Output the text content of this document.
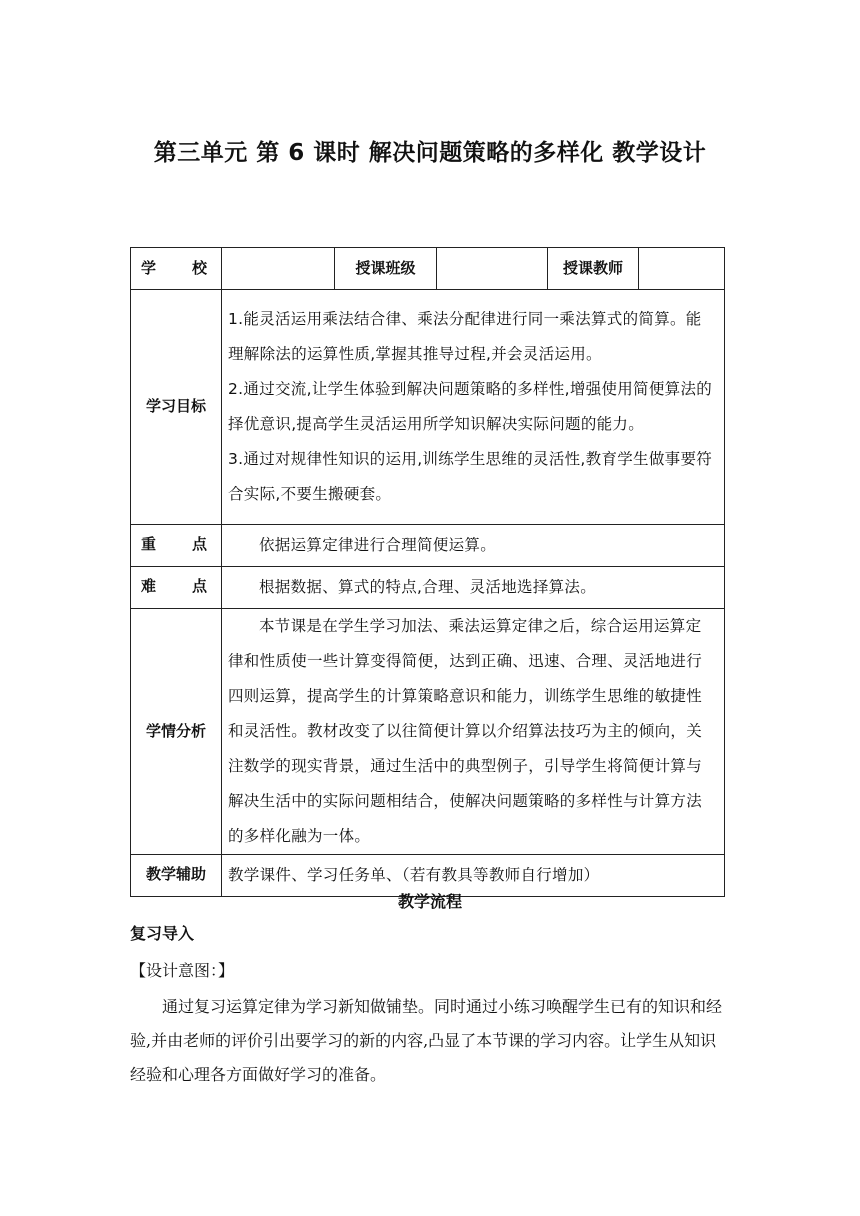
第三单元 第 6 课时 解决问题策略的多样化 教学设计
学 校		授课班级		授课教师	
学习目标	1.能灵活运用乘法结合律、乘法分配律进行同一乘法算式的简算。能理解除法的运算性质,掌握其推导过程,并会灵活运用。

2.通过交流,让学生体验到解决问题策略的多样性,增强使用简便算法的择优意识,提高学生灵活运用所学知识解决实际问题的能力。

3.通过对规律性知识的运用,训练学生思维的灵活性,教育学生做事要符合实际,不要生搬硬套。				

重 点	依据运算定律进行合理简便运算。				

难 点	根据数据、算式的特点,合理、灵活地选择算法。				

学情分析	本节课是在学生学习加法、乘法运算定律之后，综合运用运算定律和性质使一些计算变得简便，达到正确、迅速、合理、灵活地进行四则运算，提高学生的计算策略意识和能力，训练学生思维的敏捷性和灵活性。教材改变了以往简便计算以介绍算法技巧为主的倾向，关注数学的现实背景，通过生活中的典型例子，引导学生将简便计算与解决生活中的实际问题相结合，使解决问题策略的多样性与计算方法的多样化融为一体。				

教学辅助	教学课件、学习任务单、（若有教具等教师自行增加）				

教学流程
复习导入
【设计意图：】

通过复习运算定律为学习新知做铺垫。同时通过小练习唤醒学生已有的知识和经验,并由老师的评价引出要学习的新的内容,凸显了本节课的学习内容。让学生从知识经验和心理各方面做好学习的准备。
